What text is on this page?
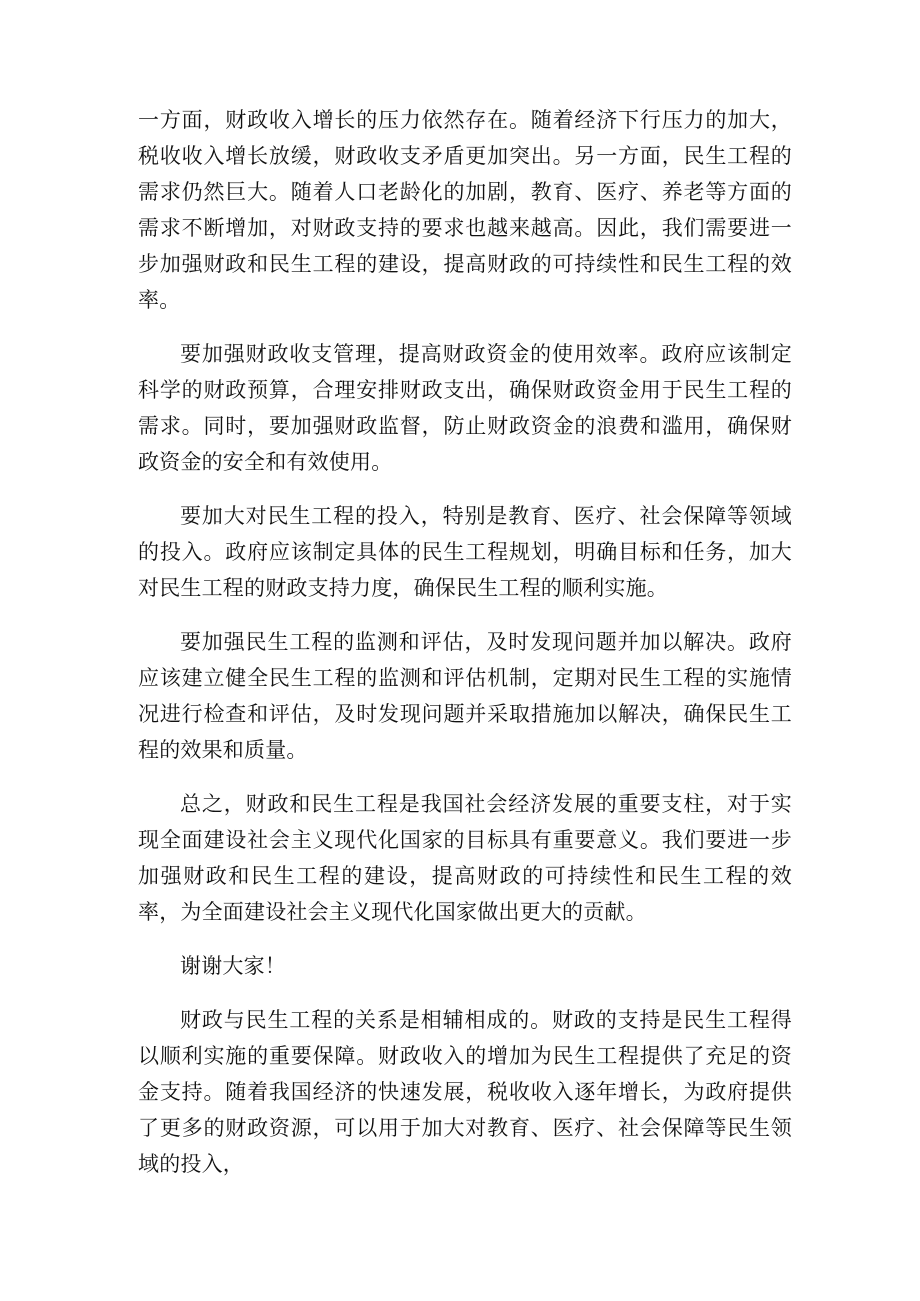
一方面，财政收入增长的压力依然存在。随着经济下行压力的加大，税收收入增长放缓，财政收支矛盾更加突出。另一方面，民生工程的需求仍然巨大。随着人口老龄化的加剧，教育、医疗、养老等方面的需求不断增加，对财政支持的要求也越来越高。因此，我们需要进一步加强财政和民生工程的建设，提高财政的可持续性和民生工程的效率。

要加强财政收支管理，提高财政资金的使用效率。政府应该制定科学的财政预算，合理安排财政支出，确保财政资金用于民生工程的需求。同时，要加强财政监督，防止财政资金的浪费和滥用，确保财政资金的安全和有效使用。

要加大对民生工程的投入，特别是教育、医疗、社会保障等领域的投入。政府应该制定具体的民生工程规划，明确目标和任务，加大对民生工程的财政支持力度，确保民生工程的顺利实施。

要加强民生工程的监测和评估，及时发现问题并加以解决。政府应该建立健全民生工程的监测和评估机制，定期对民生工程的实施情况进行检查和评估，及时发现问题并采取措施加以解决，确保民生工程的效果和质量。

总之，财政和民生工程是我国社会经济发展的重要支柱，对于实现全面建设社会主义现代化国家的目标具有重要意义。我们要进一步加强财政和民生工程的建设，提高财政的可持续性和民生工程的效率，为全面建设社会主义现代化国家做出更大的贡献。

谢谢大家！

财政与民生工程的关系是相辅相成的。财政的支持是民生工程得以顺利实施的重要保障。财政收入的增加为民生工程提供了充足的资金支持。随着我国经济的快速发展，税收收入逐年增长，为政府提供了更多的财政资源，可以用于加大对教育、医疗、社会保障等民生领域的投入，
